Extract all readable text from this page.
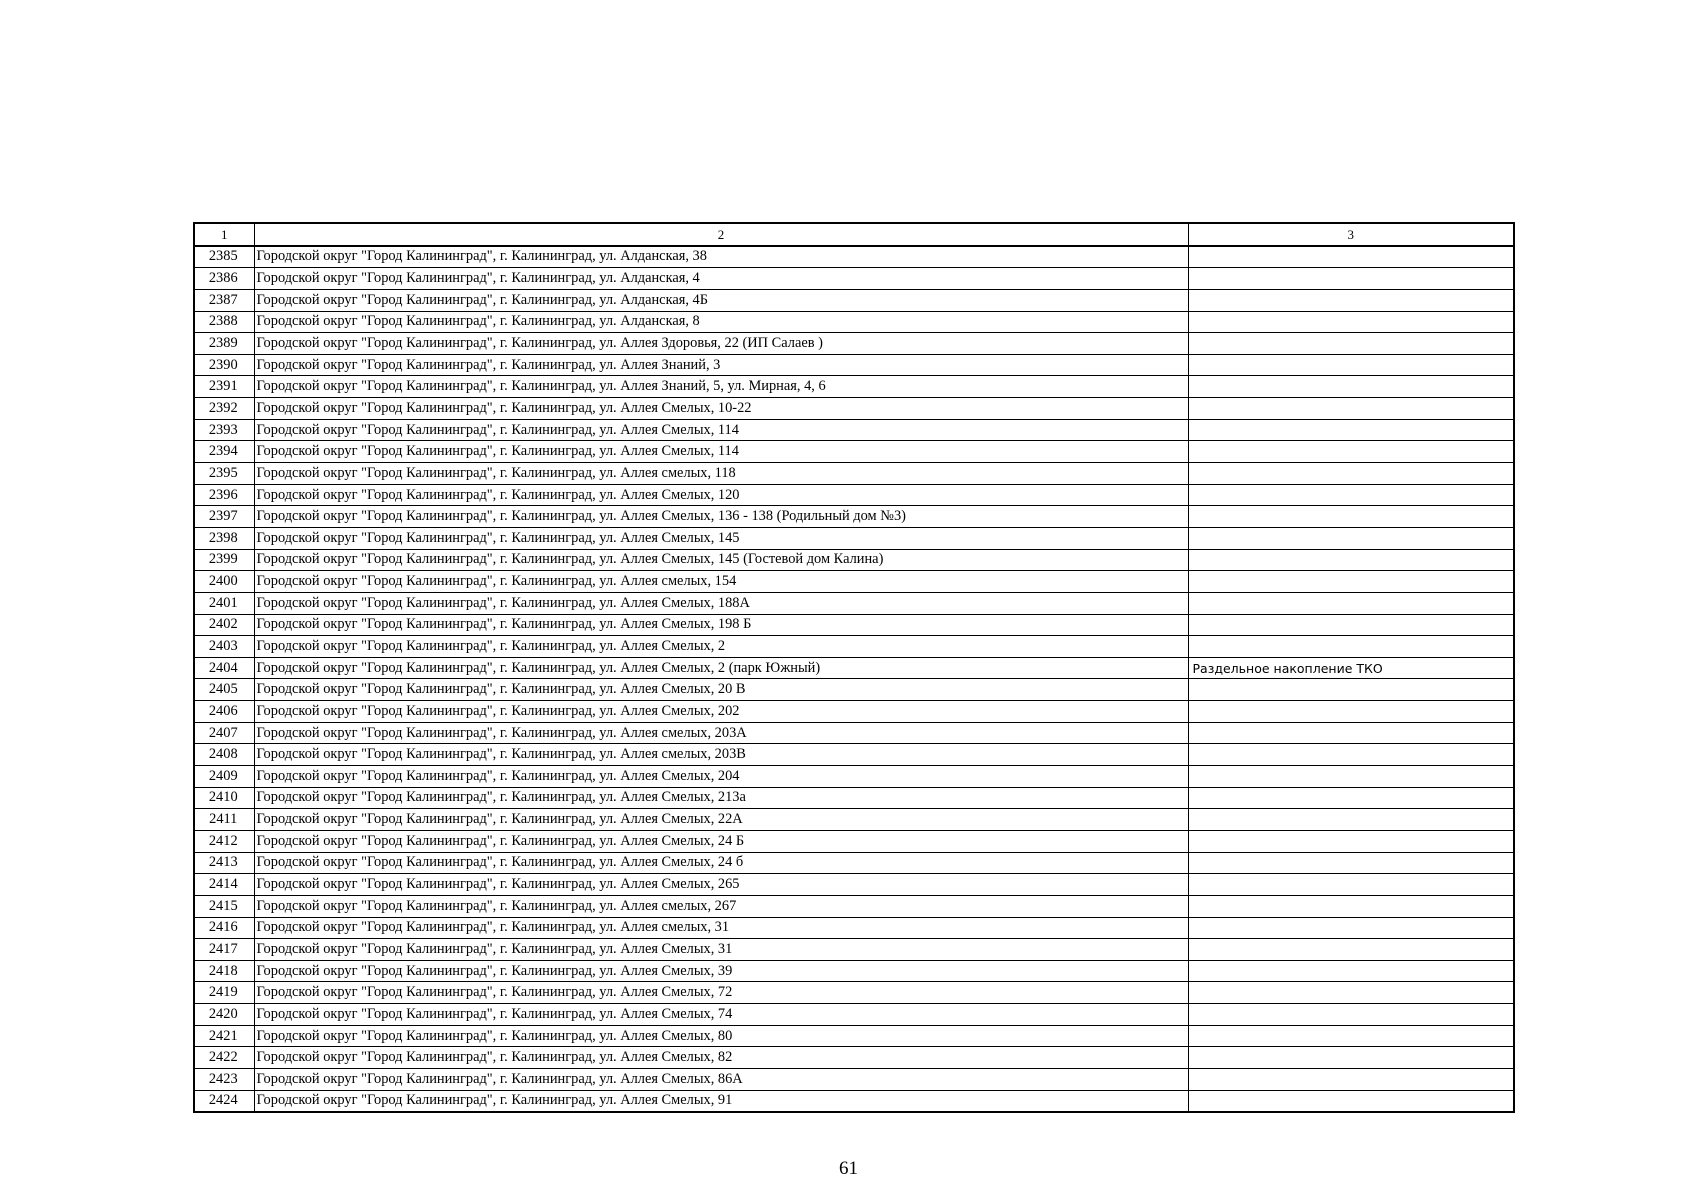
1	2	3
2385	Городской округ "Город Калининград", г. Калининград, ул. Алданская, 38	
2386	Городской округ "Город Калининград", г. Калининград, ул. Алданская, 4	
2387	Городской округ "Город Калининград", г. Калининград, ул. Алданская, 4Б	
2388	Городской округ "Город Калининград", г. Калининград, ул. Алданская, 8	
2389	Городской округ "Город Калининград", г. Калининград, ул. Аллея Здоровья, 22 (ИП Салаев )	
2390	Городской округ "Город Калининград", г. Калининград, ул. Аллея Знаний, 3	
2391	Городской округ "Город Калининград", г. Калининград, ул. Аллея Знаний, 5, ул. Мирная, 4, 6	
2392	Городской округ "Город Калининград", г. Калининград, ул. Аллея Смелых, 10-22	
2393	Городской округ "Город Калининград", г. Калининград, ул. Аллея Смелых, 114	
2394	Городской округ "Город Калининград", г. Калининград, ул. Аллея Смелых, 114	
2395	Городской округ "Город Калининград", г. Калининград, ул. Аллея смелых, 118	
2396	Городской округ "Город Калининград", г. Калининград, ул. Аллея Смелых, 120	
2397	Городской округ "Город Калининград", г. Калининград, ул. Аллея Смелых, 136 - 138 (Родильный дом №3)	
2398	Городской округ "Город Калининград", г. Калининград, ул. Аллея Смелых, 145	
2399	Городской округ "Город Калининград", г. Калининград, ул. Аллея Смелых, 145 (Гостевой дом Калина)	
2400	Городской округ "Город Калининград", г. Калининград, ул. Аллея смелых, 154	
2401	Городской округ "Город Калининград", г. Калининград, ул. Аллея Смелых, 188А	
2402	Городской округ "Город Калининград", г. Калининград, ул. Аллея Смелых, 198 Б	
2403	Городской округ "Город Калининград", г. Калининград, ул. Аллея Смелых, 2	
2404	Городской округ "Город Калининград", г. Калининград, ул. Аллея Смелых, 2 (парк Южный)	Раздельное накопление ТКО
2405	Городской округ "Город Калининград", г. Калининград, ул. Аллея Смелых, 20 В	
2406	Городской округ "Город Калининград", г. Калининград, ул. Аллея Смелых, 202	
2407	Городской округ "Город Калининград", г. Калининград, ул. Аллея смелых, 203А	
2408	Городской округ "Город Калининград", г. Калининград, ул. Аллея смелых, 203В	
2409	Городской округ "Город Калининград", г. Калининград, ул. Аллея Смелых, 204	
2410	Городской округ "Город Калининград", г. Калининград, ул. Аллея Смелых, 213а	
2411	Городской округ "Город Калининград", г. Калининград, ул. Аллея Смелых, 22А	
2412	Городской округ "Город Калининград", г. Калининград, ул. Аллея Смелых, 24 Б	
2413	Городской округ "Город Калининград", г. Калининград, ул. Аллея Смелых, 24 б	
2414	Городской округ "Город Калининград", г. Калининград, ул. Аллея Смелых, 265	
2415	Городской округ "Город Калининград", г. Калининград, ул. Аллея смелых, 267	
2416	Городской округ "Город Калининград", г. Калининград, ул. Аллея смелых, 31	
2417	Городской округ "Город Калининград", г. Калининград, ул. Аллея Смелых, 31	
2418	Городской округ "Город Калининград", г. Калининград, ул. Аллея Смелых, 39	
2419	Городской округ "Город Калининград", г. Калининград, ул. Аллея Смелых, 72	
2420	Городской округ "Город Калининград", г. Калининград, ул. Аллея Смелых, 74	
2421	Городской округ "Город Калининград", г. Калининград, ул. Аллея Смелых, 80	
2422	Городской округ "Город Калининград", г. Калининград, ул. Аллея Смелых, 82	
2423	Городской округ "Город Калининград", г. Калининград, ул. Аллея Смелых, 86А	
2424	Городской округ "Город Калининград", г. Калининград, ул. Аллея Смелых, 91	
61
